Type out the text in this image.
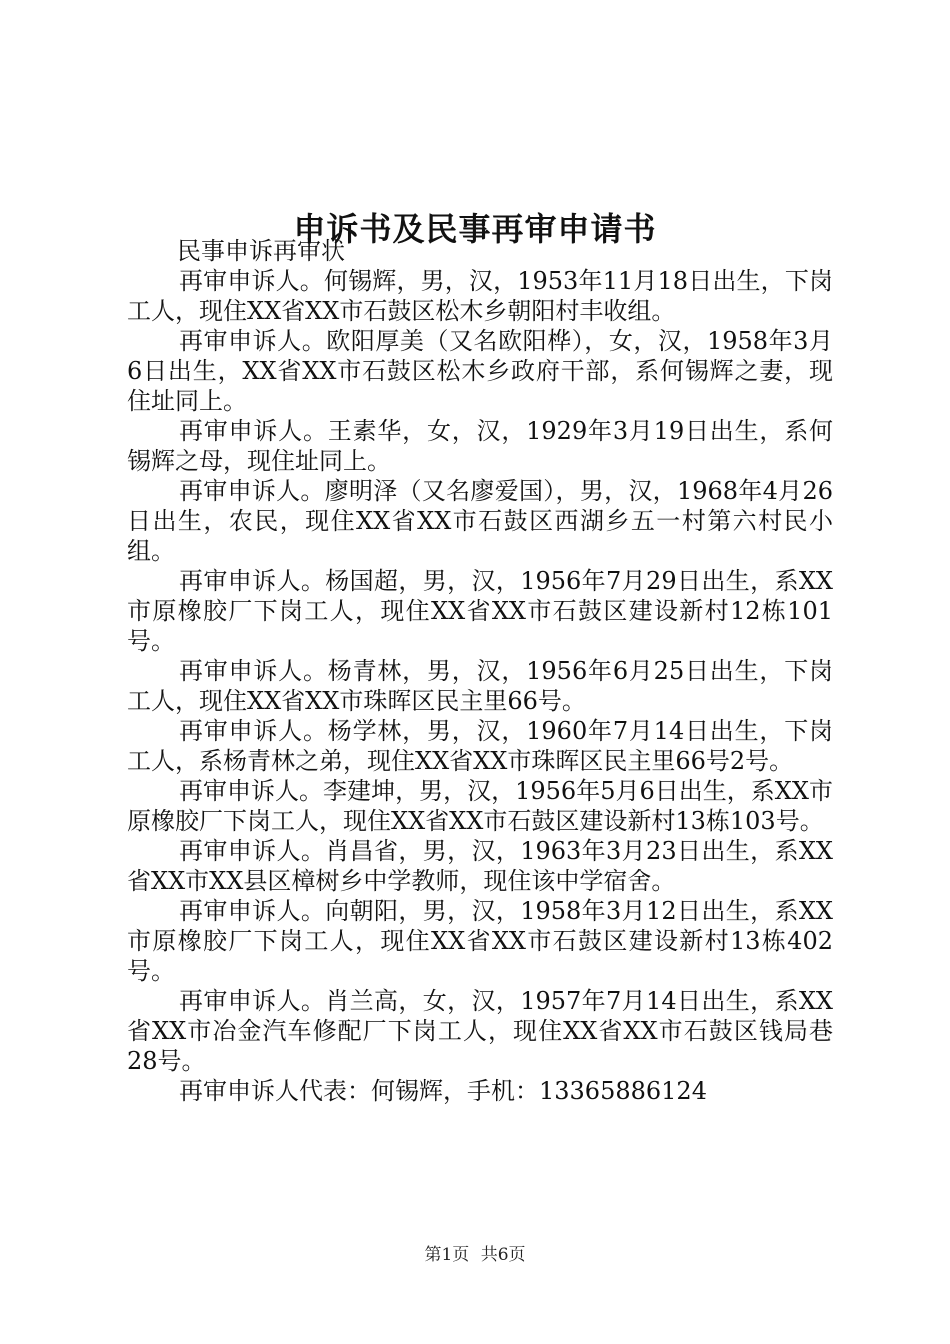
申诉书及民事再审申请书

民事申诉再审状

再审申诉人。何锡辉，男，汉，1953年11月18日出生，下岗工人，现住XX省XX市石鼓区松木乡朝阳村丰收组。

再审申诉人。欧阳厚美（又名欧阳桦），女，汉，1958年3月6日出生，XX省XX市石鼓区松木乡政府干部，系何锡辉之妻，现住址同上。

再审申诉人。王素华，女，汉，1929年3月19日出生，系何锡辉之母，现住址同上。

再审申诉人。廖明泽（又名廖爱国），男，汉，1968年4月26日出生，农民，现住XX省XX市石鼓区西湖乡五一村第六村民小组。

再审申诉人。杨国超，男，汉，1956年7月29日出生，系XX市原橡胶厂下岗工人，现住XX省XX市石鼓区建设新村12栋101号。

再审申诉人。杨青林，男，汉，1956年6月25日出生，下岗工人，现住XX省XX市珠晖区民主里66号。

再审申诉人。杨学林，男，汉，1960年7月14日出生，下岗工人，系杨青林之弟，现住XX省XX市珠晖区民主里66号2号。

再审申诉人。李建坤，男，汉，1956年5月6日出生，系XX市原橡胶厂下岗工人，现住XX省XX市石鼓区建设新村13栋103号。

再审申诉人。肖昌省，男，汉，1963年3月23日出生，系XX省XX市XX县区樟树乡中学教师，现住该中学宿舍。

再审申诉人。向朝阳，男，汉，1958年3月12日出生，系XX市原橡胶厂下岗工人，现住XX省XX市石鼓区建设新村13栋402号。

再审申诉人。肖兰高，女，汉，1957年7月14日出生，系XX省XX市冶金汽车修配厂下岗工人，现住XX省XX市石鼓区钱局巷28号。

再审申诉人代表：何锡辉，手机：13365886124

第1页 共6页
